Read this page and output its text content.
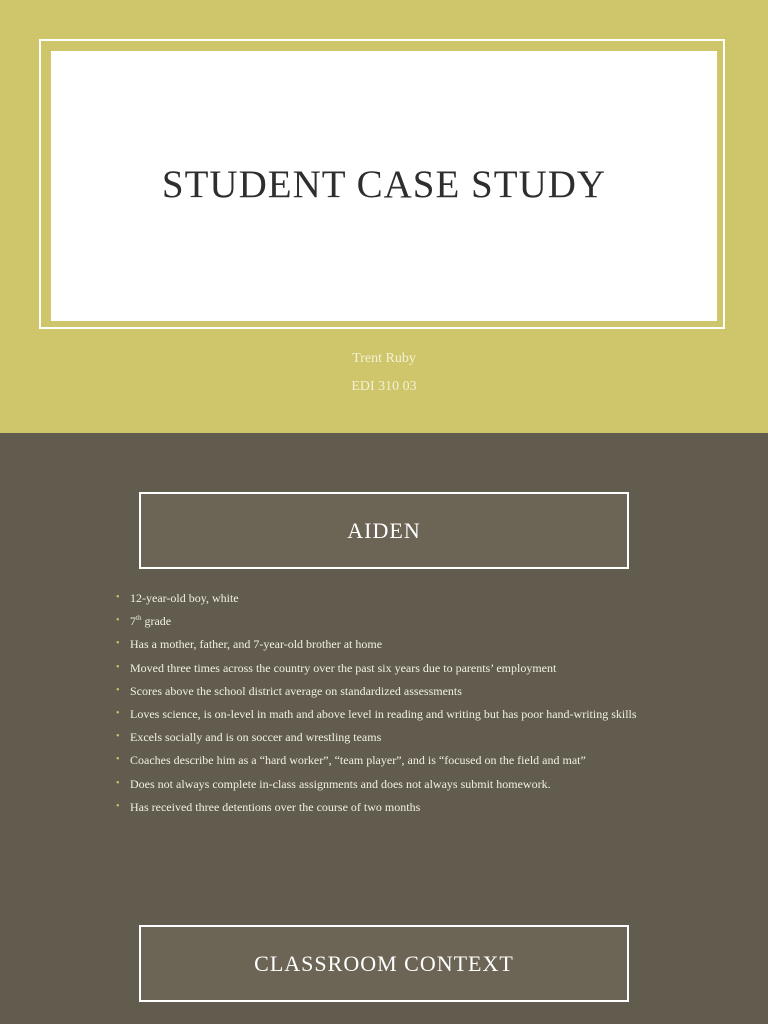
STUDENT CASE STUDY
Trent Ruby
EDI 310 03
AIDEN
• 12-year-old boy, white
• 7th grade
• Has a mother, father, and 7-year-old brother at home
• Moved three times across the country over the past six years due to parents’ employment
• Scores above the school district average on standardized assessments
• Loves science, is on-level in math and above level in reading and writing but has poor hand-writing skills
• Excels socially and is on soccer and wrestling teams
• Coaches describe him as a “hard worker”, “team player”, and is “focused on the field and mat”
• Does not always complete in-class assignments and does not always submit homework.
• Has received three detentions over the course of two months
CLASSROOM CONTEXT
